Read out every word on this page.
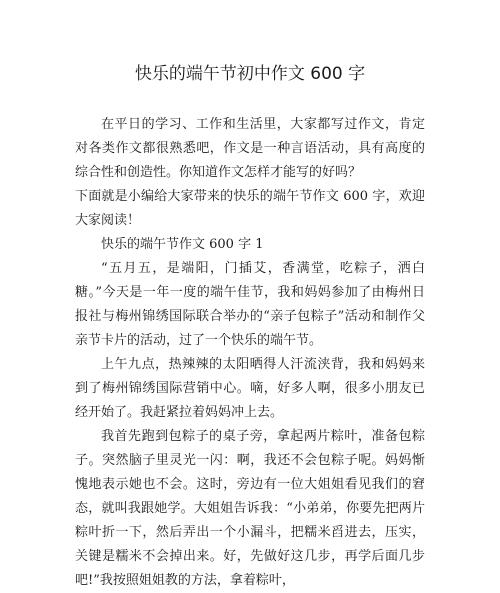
快乐的端午节初中作文 600 字

在平日的学习、工作和生活里，大家都写过作文，肯定对各类作文都很熟悉吧，作文是一种言语活动，具有高度的综合性和创造性。你知道作文怎样才能写的好吗？

下面就是小编给大家带来的快乐的端午节作文 600 字，欢迎大家阅读！

快乐的端午节作文 600 字 1

“五月五，是端阳，门插艾，香满堂，吃粽子，洒白糖。”今天是一年一度的端午佳节，我和妈妈参加了由梅州日报社与梅州锦绣国际联合举办的“亲子包粽子”活动和制作父亲节卡片的活动，过了一个快乐的端午节。

上午九点，热辣辣的太阳晒得人汗流浃背，我和妈妈来到了梅州锦绣国际营销中心。嘀，好多人啊，很多小朋友已经开始了。我赶紧拉着妈妈冲上去。

我首先跑到包粽子的桌子旁，拿起两片粽叶，准备包粽子。突然脑子里灵光一闪：啊，我还不会包粽子呢。妈妈惭愧地表示她也不会。这时，旁边有一位大姐姐看见我们的窘态，就叫我跟她学。大姐姐告诉我：“小弟弟，你要先把两片粽叶折一下，然后弄出一个小漏斗，把糯米舀进去，压实，关键是糯米不会掉出来。好，先做好这几步，再学后面几步吧!”我按照姐姐教的方法，拿着粽叶，
